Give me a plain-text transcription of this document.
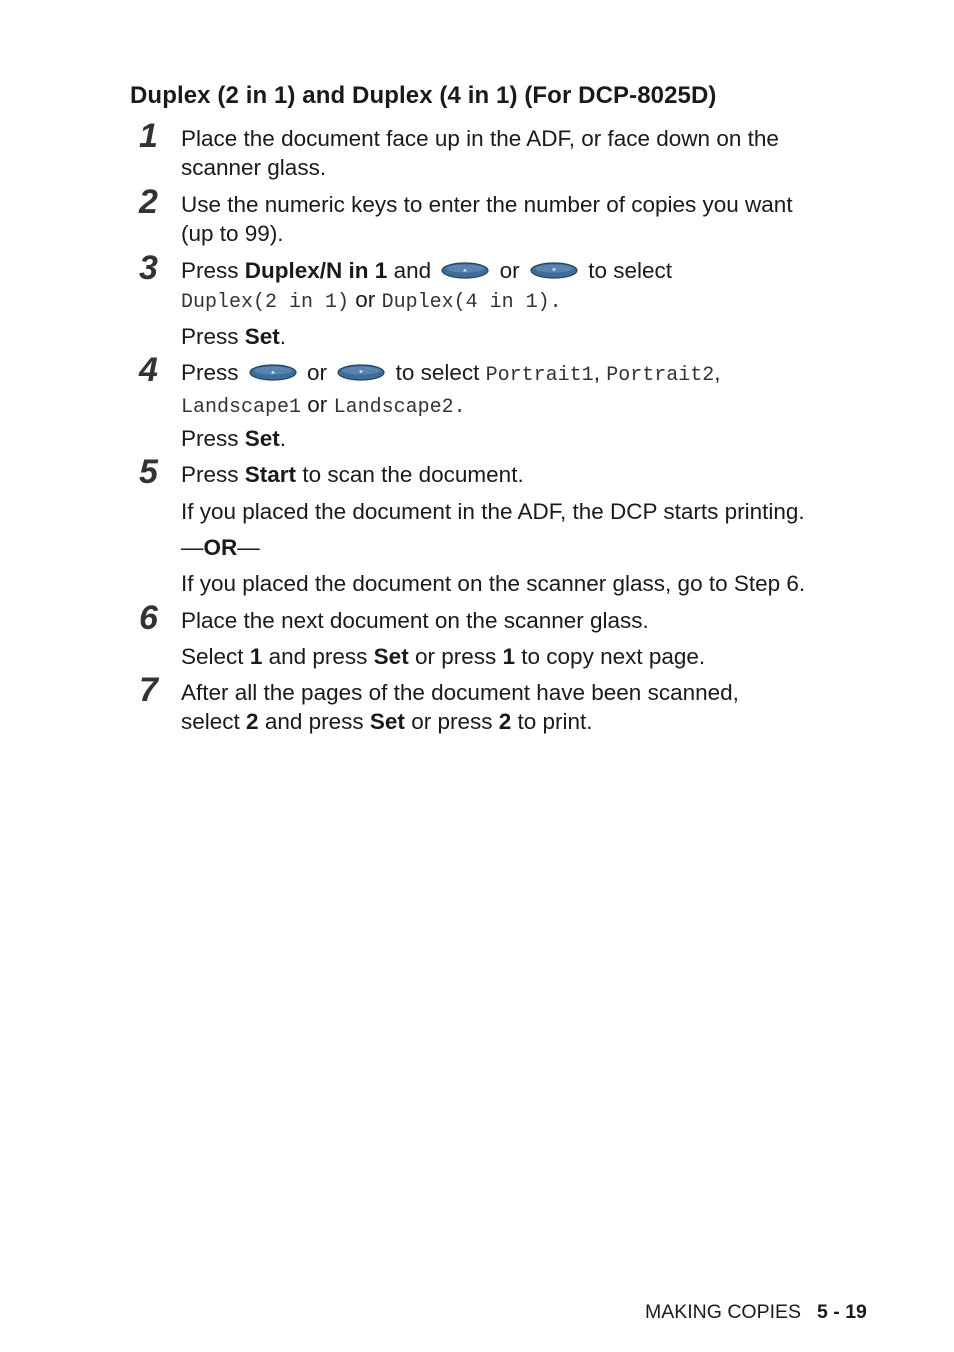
Duplex (2 in 1) and Duplex (4 in 1) (For DCP-8025D)
1 Place the document face up in the ADF, or face down on the
scanner glass.

2 Use the numeric keys to enter the number of copies you want
(up to 99).

3 Press Duplex/N in 1 and	or	to select
Duplex(2 in 1) or Duplex(4 in 1).

Press Set.

4 Press	or	to select Portrait1, Portrait2,
Landscape1 or Landscape2.

Press Set.

5 Press Start to scan the document.

If you placed the document in the ADF, the DCP starts printing.

—OR—

If you placed the document on the scanner glass, go to Step 6.

6 Place the next document on the scanner glass.

Select 1 and press Set or press 1 to copy next page.

7 After all the pages of the document have been scanned,
select 2 and press Set or press 2 to print.

MAKING COPIES 5 - 19
